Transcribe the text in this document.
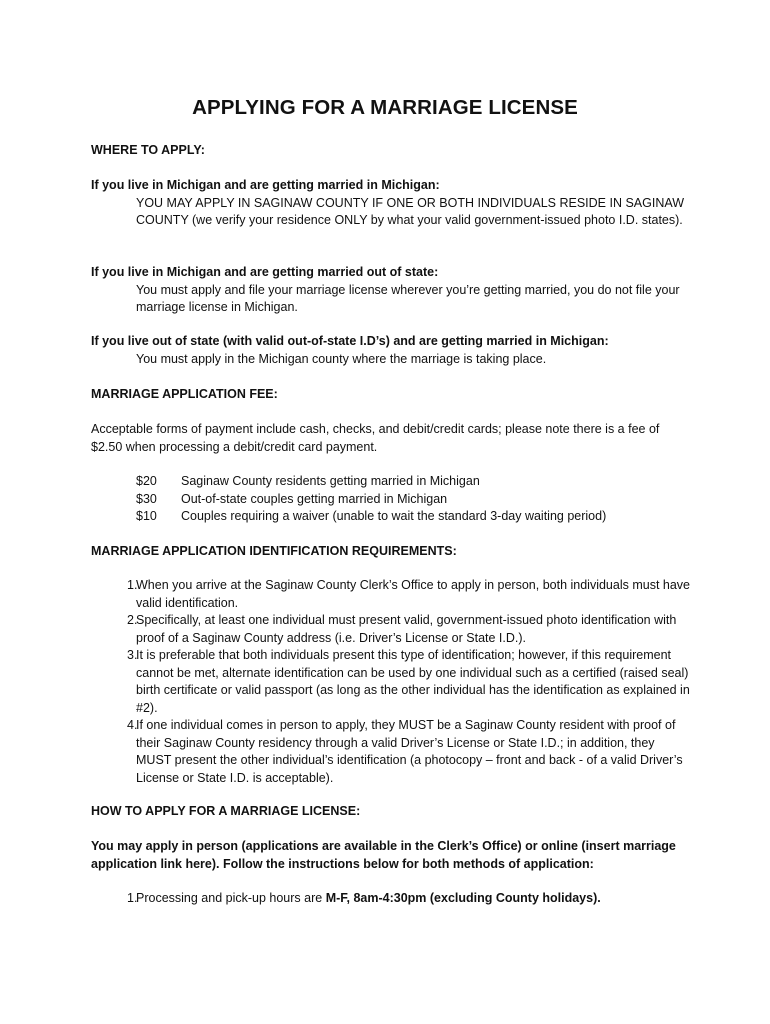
APPLYING FOR A MARRIAGE LICENSE
WHERE TO APPLY:
If you live in Michigan and are getting married in Michigan:
YOU MAY APPLY IN SAGINAW COUNTY IF ONE OR BOTH INDIVIDUALS RESIDE IN SAGINAW COUNTY (we verify your residence ONLY by what your valid government-issued photo I.D. states).
If you live in Michigan and are getting married out of state:
You must apply and file your marriage license wherever you’re getting married, you do not file your marriage license in Michigan.
If you live out of state (with valid out-of-state I.D’s) and are getting married in Michigan:
You must apply in the Michigan county where the marriage is taking place.
MARRIAGE APPLICATION FEE:
Acceptable forms of payment include cash, checks, and debit/credit cards; please note there is a fee of $2.50 when processing a debit/credit card payment.
$20	Saginaw County residents getting married in Michigan
$30	Out-of-state couples getting married in Michigan
$10	Couples requiring a waiver (unable to wait the standard 3-day waiting period)
MARRIAGE APPLICATION IDENTIFICATION REQUIREMENTS:
1.
When you arrive at the Saginaw County Clerk’s Office to apply in person, both individuals must have valid identification.
2.
Specifically, at least one individual must present valid, government-issued photo identification with proof of a Saginaw County address (i.e. Driver’s License or State I.D.).
3.
It is preferable that both individuals present this type of identification; however, if this requirement cannot be met, alternate identification can be used by one individual such as a certified (raised seal) birth certificate or valid passport (as long as the other individual has the identification as explained in #2).
4.
If one individual comes in person to apply, they MUST be a Saginaw County resident with proof of their Saginaw County residency through a valid Driver’s License or State I.D.; in addition, they MUST present the other individual’s identification (a photocopy – front and back - of a valid Driver’s License or State I.D. is acceptable).
HOW TO APPLY FOR A MARRIAGE LICENSE:
You may apply in person (applications are available in the Clerk’s Office) or online (insert marriage application link here). Follow the instructions below for both methods of application:
1.
Processing and pick-up hours are M-F, 8am-4:30pm (excluding County holidays).
